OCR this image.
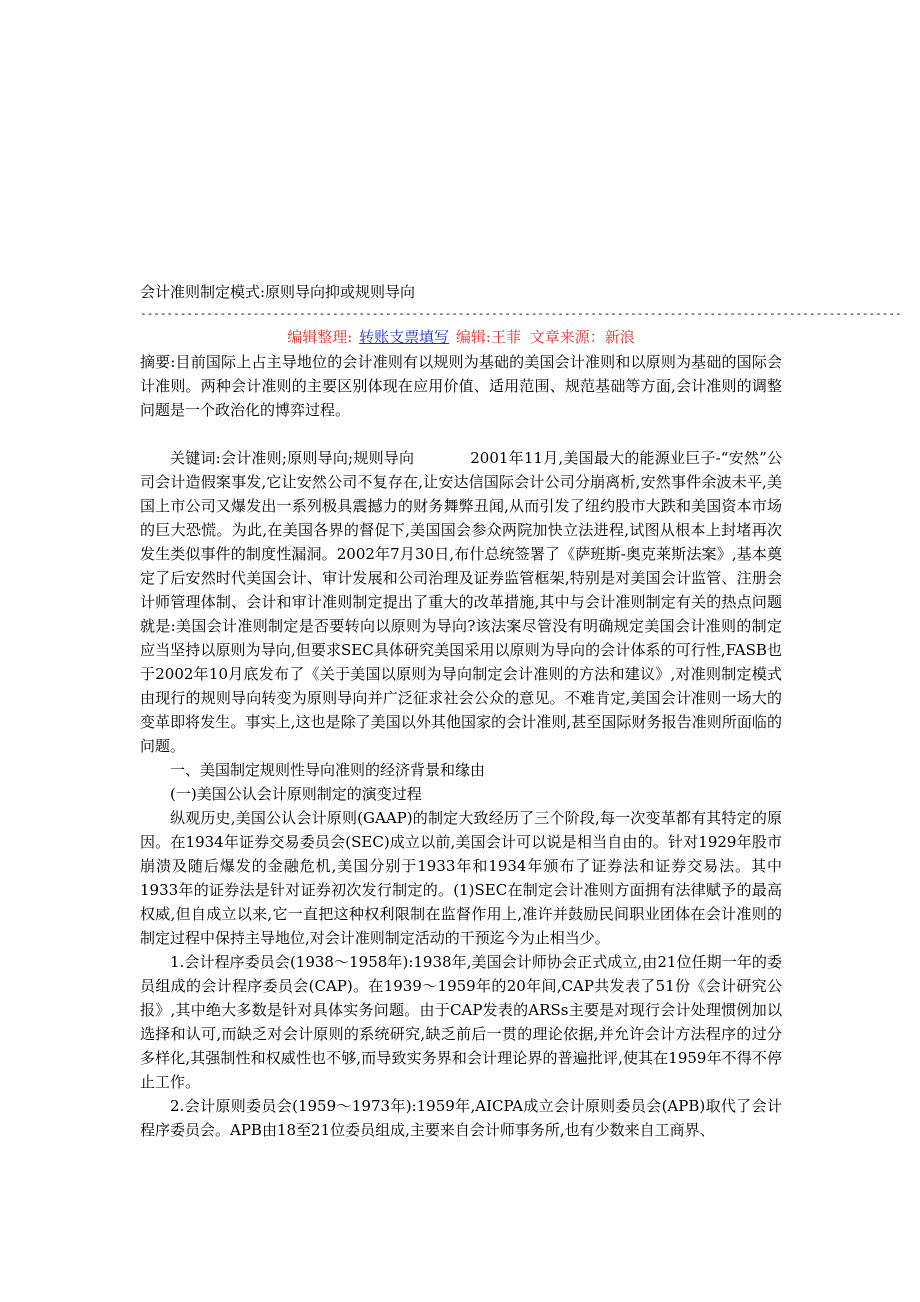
会计准则制定模式:原则导向抑或规则导向

-------------------------------------------------------------------------------------------------------------------
编辑整理: 转账支票填写 编辑:王菲 文章来源：新浪

摘要:目前国际上占主导地位的会计准则有以规则为基础的美国会计准则和以原则为基础的国际会计准则。两种会计准则的主要区别体现在应用价值、适用范围、规范基础等方面,会计准则的调整问题是一个政治化的博弈过程。

关键词:会计准则;原则导向;规则导向	2001年11月,美国最大的能源业巨子-“安然”公司会计造假案事发,它让安然公司不复存在,让安达信国际会计公司分崩离析,安然事件余波未平,美国上市公司又爆发出一系列极具震撼力的财务舞弊丑闻,从而引发了纽约股市大跌和美国资本市场的巨大恐慌。为此,在美国各界的督促下,美国国会参众两院加快立法进程,试图从根本上封堵再次发生类似事件的制度性漏洞。2002年7月30日,布什总统签署了《萨班斯-奥克莱斯法案》,基本奠定了后安然时代美国会计、审计发展和公司治理及证券监管框架,特别是对美国会计监管、注册会计师管理体制、会计和审计准则制定提出了重大的改革措施,其中与会计准则制定有关的热点问题就是:美国会计准则制定是否要转向以原则为导向?该法案尽管没有明确规定美国会计准则的制定应当坚持以原则为导向,但要求SEC具体研究美国采用以原则为导向的会计体系的可行性,FASB也于2002年10月底发布了《关于美国以原则为导向制定会计准则的方法和建议》,对准则制定模式由现行的规则导向转变为原则导向并广泛征求社会公众的意见。不难肯定,美国会计准则一场大的变革即将发生。事实上,这也是除了美国以外其他国家的会计准则,甚至国际财务报告准则所面临的问题。

一、美国制定规则性导向准则的经济背景和缘由

(一)美国公认会计原则制定的演变过程

纵观历史,美国公认会计原则(GAAP)的制定大致经历了三个阶段,每一次变革都有其特定的原因。在1934年证券交易委员会(SEC)成立以前,美国会计可以说是相当自由的。针对1929年股市崩溃及随后爆发的金融危机,美国分别于1933年和1934年颁布了证券法和证券交易法。其中1933年的证券法是针对证券初次发行制定的。(1)SEC在制定会计准则方面拥有法律赋予的最高权威,但自成立以来,它一直把这种权利限制在监督作用上,准许并鼓励民间职业团体在会计准则的制定过程中保持主导地位,对会计准则制定活动的干预迄今为止相当少。

1.会计程序委员会(1938～1958年):1938年,美国会计师协会正式成立,由21位任期一年的委员组成的会计程序委员会(CAP)。在1939～1959年的20年间,CAP共发表了51份《会计研究公报》,其中绝大多数是针对具体实务问题。由于CAP发表的ARSs主要是对现行会计处理惯例加以选择和认可,而缺乏对会计原则的系统研究,缺乏前后一贯的理论依据,并允许会计方法程序的过分多样化,其强制性和权威性也不够,而导致实务界和会计理论界的普遍批评,使其在1959年不得不停止工作。

2.会计原则委员会(1959～1973年):1959年,AICPA成立会计原则委员会(APB)取代了会计程序委员会。APB由18至21位委员组成,主要来自会计师事务所,也有少数来自工商界、
